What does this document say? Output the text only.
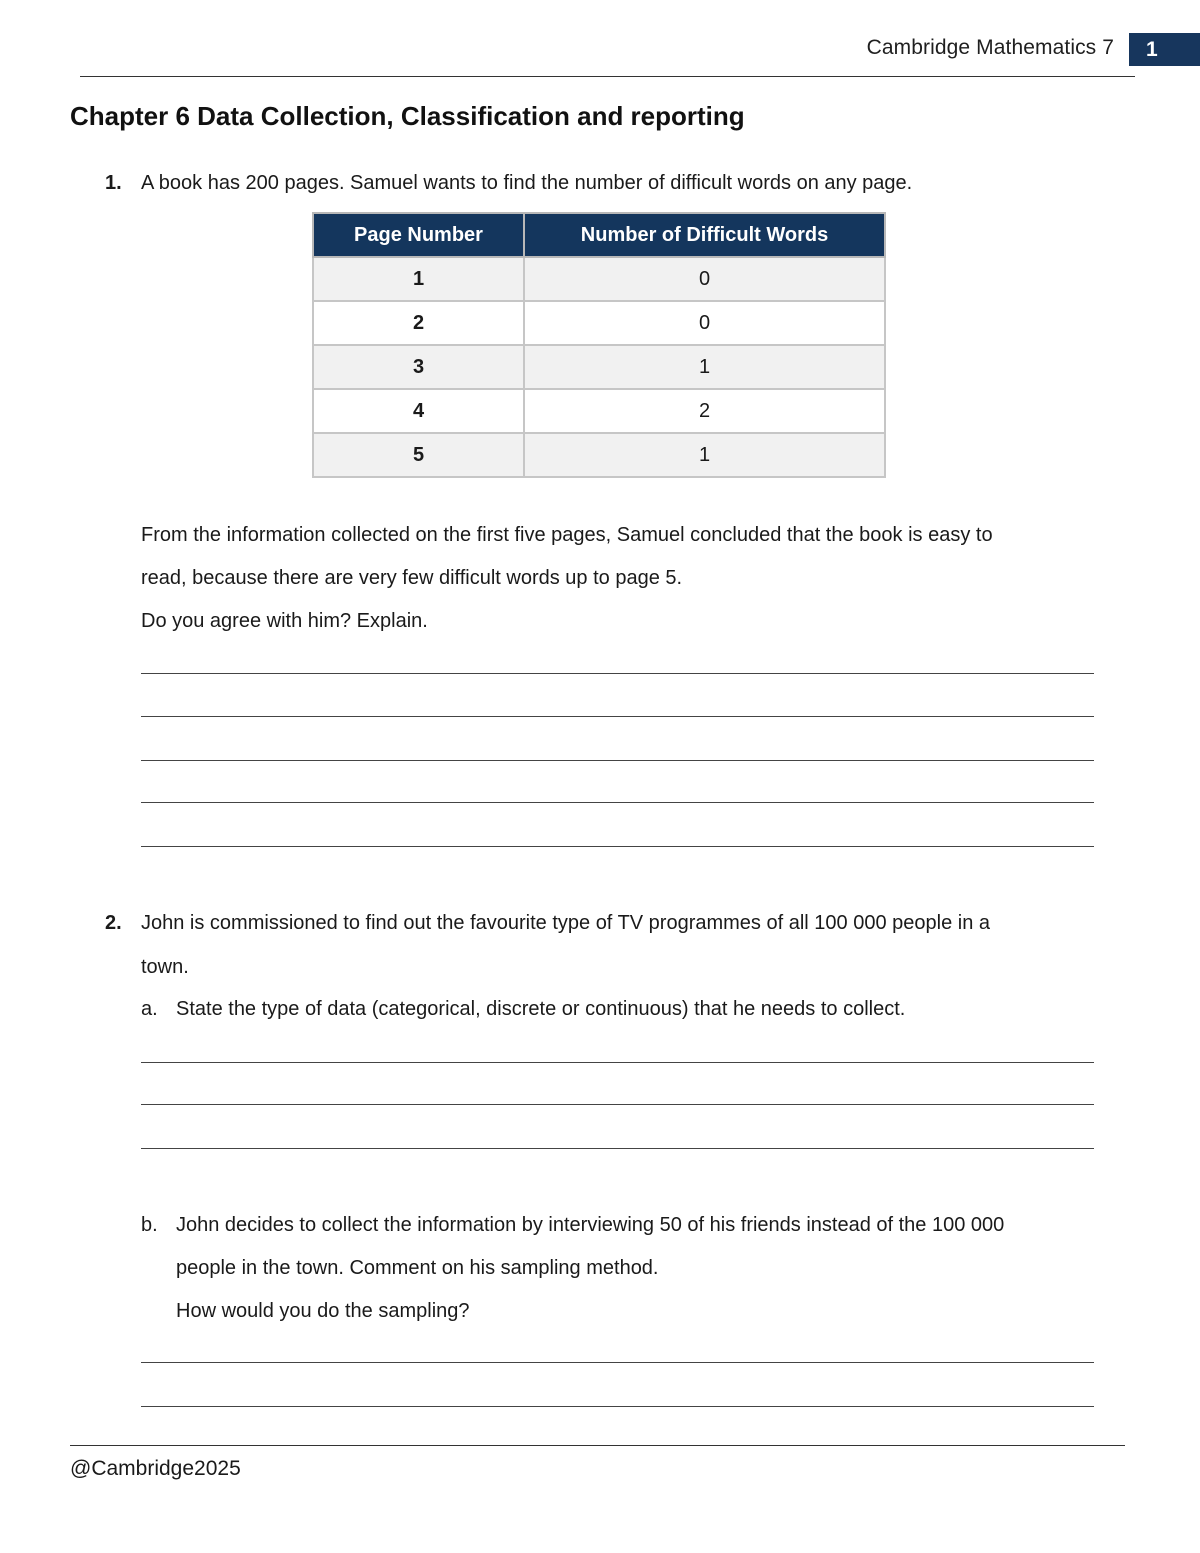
Cambridge Mathematics 7	1
Chapter 6 Data Collection, Classification and reporting
1. A book has 200 pages. Samuel wants to find the number of difficult words on any page.
Page Number	Number of Difficult Words
1	0
2	0
3	1
4	2
5	1
From the information collected on the first five pages, Samuel concluded that the book is easy to
read, because there are very few difficult words up to page 5.
Do you agree with him? Explain.
2. John is commissioned to find out the favourite type of TV programmes of all 100 000 people in a
town.
a. State the type of data (categorical, discrete or continuous) that he needs to collect.
b. John decides to collect the information by interviewing 50 of his friends instead of the 100 000
people in the town. Comment on his sampling method.
How would you do the sampling?
@Cambridge2025
